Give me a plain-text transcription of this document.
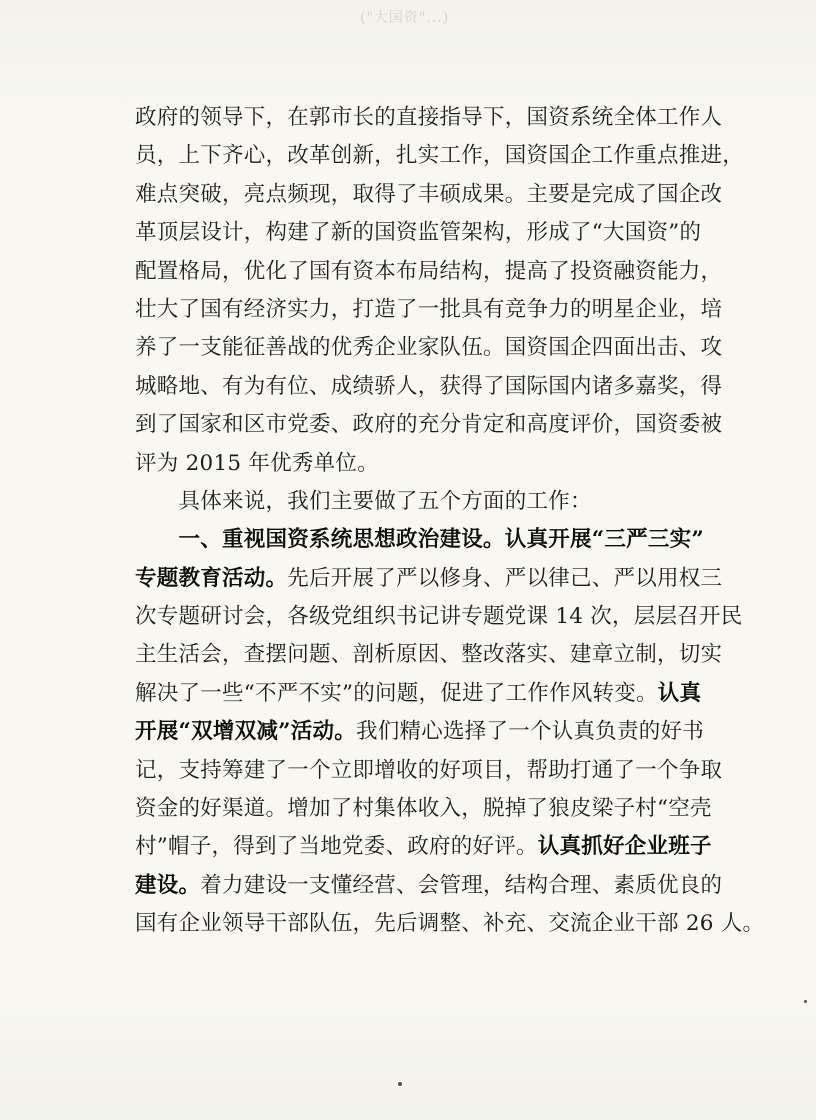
("大国资"...)
政府的领导下，在郭市长的直接指导下，国资系统全体工作人
员，上下齐心，改革创新，扎实工作，国资国企工作重点推进，
难点突破，亮点频现，取得了丰硕成果。主要是完成了国企改
革顶层设计，构建了新的国资监管架构，形成了“大国资”的
配置格局，优化了国有资本布局结构，提高了投资融资能力，
壮大了国有经济实力，打造了一批具有竞争力的明星企业，培
养了一支能征善战的优秀企业家队伍。国资国企四面出击、攻
城略地、有为有位、成绩骄人，获得了国际国内诸多嘉奖，得
到了国家和区市党委、政府的充分肯定和高度评价，国资委被
评为 2015 年优秀单位。
　　具体来说，我们主要做了五个方面的工作：
　　一、重视国资系统思想政治建设。认真开展“三严三实”
专题教育活动。先后开展了严以修身、严以律己、严以用权三
次专题研讨会，各级党组织书记讲专题党课 14 次，层层召开民
主生活会，查摆问题、剖析原因、整改落实、建章立制，切实
解决了一些“不严不实”的问题，促进了工作作风转变。认真
开展“双增双减”活动。我们精心选择了一个认真负责的好书
记，支持筹建了一个立即增收的好项目，帮助打通了一个争取
资金的好渠道。增加了村集体收入，脱掉了狼皮梁子村“空壳
村”帽子，得到了当地党委、政府的好评。认真抓好企业班子
建设。着力建设一支懂经营、会管理，结构合理、素质优良的
国有企业领导干部队伍，先后调整、补充、交流企业干部 26 人。
